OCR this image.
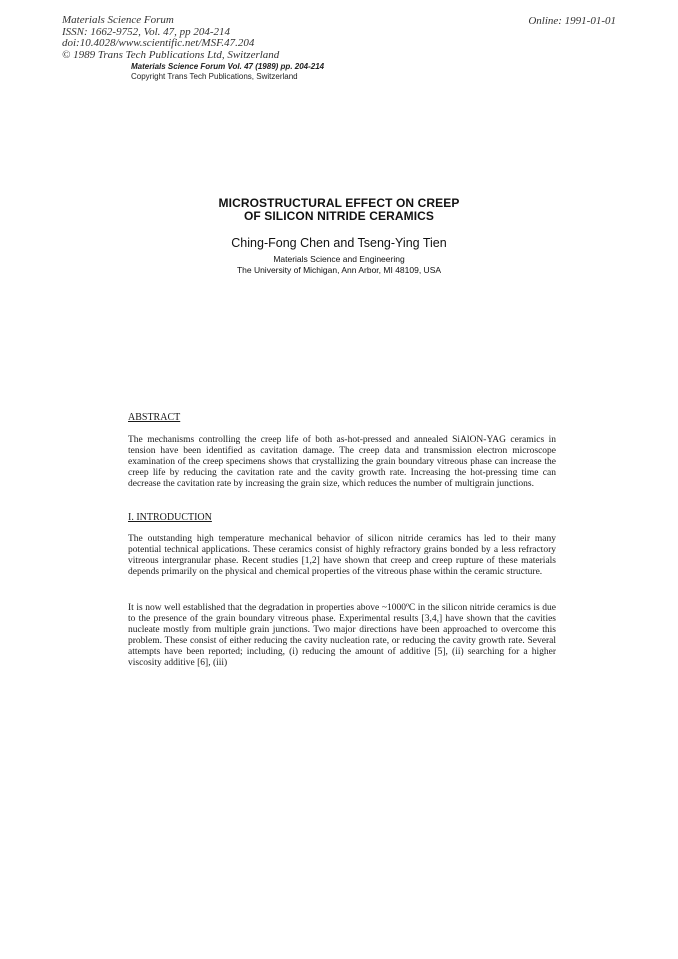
Materials Science Forum
ISSN: 1662-9752, Vol. 47, pp 204-214
doi:10.4028/www.scientific.net/MSF.47.204
© 1989 Trans Tech Publications Ltd, Switzerland
Online: 1991-01-01
Materials Science Forum Vol. 47 (1989) pp. 204-214
Copyright Trans Tech Publications, Switzerland
MICROSTRUCTURAL EFFECT ON CREEP
OF SILICON NITRIDE CERAMICS
Ching-Fong Chen and Tseng-Ying Tien
Materials Science and Engineering
The University of Michigan, Ann Arbor, MI 48109, USA
ABSTRACT
The mechanisms controlling the creep life of both as-hot-pressed and annealed SiAlON-YAG ceramics in tension have been identified as cavitation damage. The creep data and transmission electron microscope examination of the creep specimens shows that crystallizing the grain boundary vitreous phase can increase the creep life by reducing the cavitation rate and the cavity growth rate. Increasing the hot-pressing time can decrease the cavitation rate by increasing the grain size, which reduces the number of multigrain junctions.
I. INTRODUCTION
The outstanding high temperature mechanical behavior of silicon nitride ceramics has led to their many potential technical applications. These ceramics consist of highly refractory grains bonded by a less refractory vitreous intergranular phase. Recent studies [1,2] have shown that creep and creep rupture of these materials depends primarily on the physical and chemical properties of the vitreous phase within the ceramic structure.
It is now well established that the degradation in properties above ~1000ºC in the silicon nitride ceramics is due to the presence of the grain boundary vitreous phase. Experimental results [3,4,] have shown that the cavities nucleate mostly from multiple grain junctions. Two major directions have been approached to overcome this problem. These consist of either reducing the cavity nucleation rate, or reducing the cavity growth rate. Several attempts have been reported; including, (i) reducing the amount of additive [5], (ii) searching for a higher viscosity additive [6], (iii)
